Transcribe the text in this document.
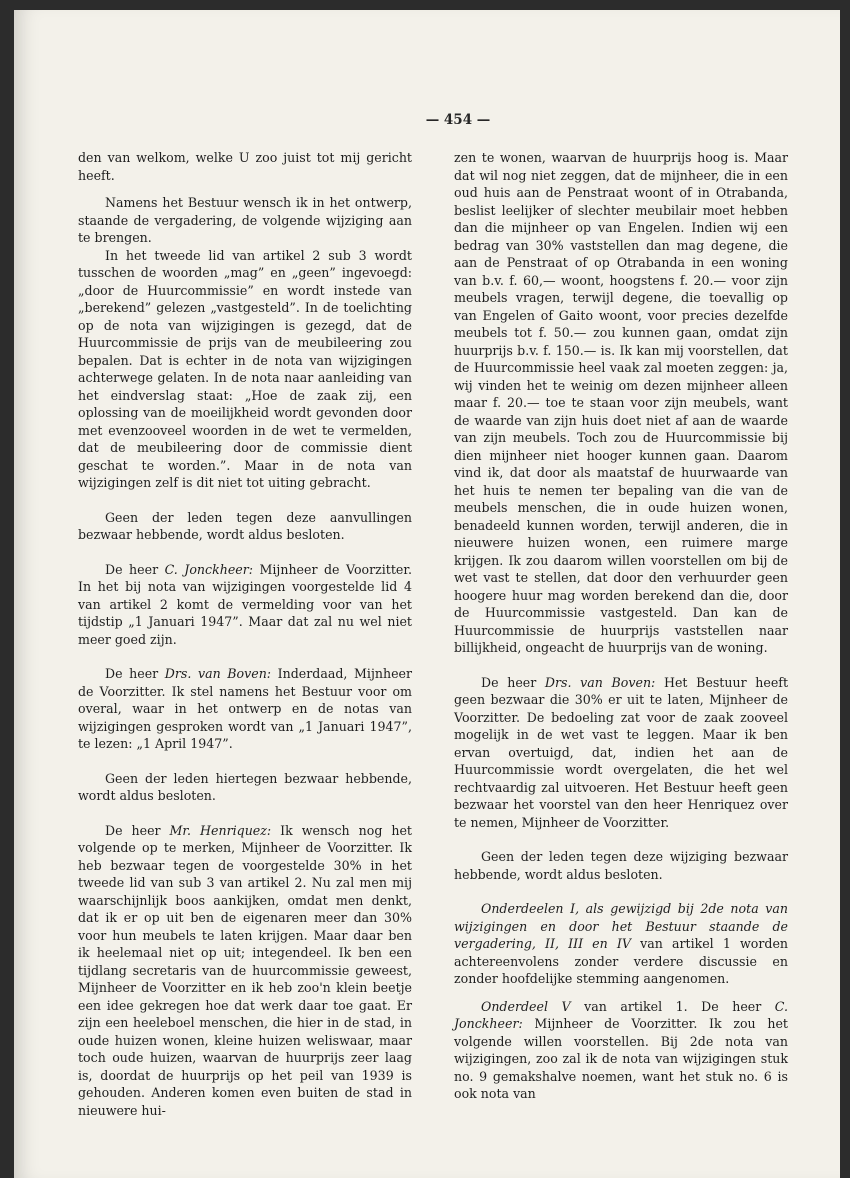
— 454 —

den van welkom, welke U zoo juist tot mij gericht heeft.

Namens het Bestuur wensch ik in het ontwerp, staande de vergadering, de volgende wijziging aan te brengen.

In het tweede lid van artikel 2 sub 3 wordt tusschen de woorden „mag” en „geen” ingevoegd: „door de Huurcommissie” en wordt instede van „berekend” gelezen „vastgesteld”. In de toelichting op de nota van wijzigingen is gezegd, dat de Huurcommissie de prijs van de meubileering zou bepalen. Dat is echter in de nota van wijzigingen achterwege gelaten. In de nota naar aanleiding van het eindverslag staat: „Hoe de zaak zij, een oplossing van de moeilijkheid wordt gevonden door met evenzooveel woorden in de wet te vermelden, dat de meubileering door de commissie dient geschat te worden.”. Maar in de nota van wijzigingen zelf is dit niet tot uiting gebracht.

Geen der leden tegen deze aanvullingen bezwaar hebbende, wordt aldus besloten.

De heer C. Jonckheer: Mijnheer de Voorzitter. In het bij nota van wijzigingen voorgestelde lid 4 van artikel 2 komt de vermelding voor van het tijdstip „1 Januari 1947”. Maar dat zal nu wel niet meer goed zijn.

De heer Drs. van Boven: Inderdaad, Mijnheer de Voorzitter. Ik stel namens het Bestuur voor om overal, waar in het ontwerp en de notas van wijzigingen gesproken wordt van „1 Januari 1947”, te lezen: „1 April 1947”.

Geen der leden hiertegen bezwaar hebbende, wordt aldus besloten.

De heer Mr. Henriquez: Ik wensch nog het volgende op te merken, Mijnheer de Voorzitter. Ik heb bezwaar tegen de voorgestelde 30% in het tweede lid van sub 3 van artikel 2. Nu zal men mij waarschijnlijk boos aankijken, omdat men denkt, dat ik er op uit ben de eigenaren meer dan 30% voor hun meubels te laten krijgen. Maar daar ben ik heelemaal niet op uit; integendeel. Ik ben een tijdlang secretaris van de huurcommissie geweest, Mijnheer de Voorzitter en ik heb zoo'n klein beetje een idee gekregen hoe dat werk daar toe gaat. Er zijn een heeleboel menschen, die hier in de stad, in oude huizen wonen, kleine huizen weliswaar, maar toch oude huizen, waarvan de huurprijs zeer laag is, doordat de huurprijs op het peil van 1939 is gehouden. Anderen komen even buiten de stad in nieuwere hui-

zen te wonen, waarvan de huurprijs hoog is. Maar dat wil nog niet zeggen, dat de mijnheer, die in een oud huis aan de Penstraat woont of in Otrabanda, beslist leelijker of slechter meubilair moet hebben dan die mijnheer op van Engelen. Indien wij een bedrag van 30% vaststellen dan mag degene, die aan de Penstraat of op Otrabanda in een woning van b.v. f. 60,— woont, hoogstens f. 20.— voor zijn meubels vragen, terwijl degene, die toevallig op van Engelen of Gaito woont, voor precies dezelfde meubels tot f. 50.— zou kunnen gaan, omdat zijn huurprijs b.v. f. 150.— is. Ik kan mij voorstellen, dat de Huurcommissie heel vaak zal moeten zeggen: ja, wij vinden het te weinig om dezen mijnheer alleen maar f. 20.— toe te staan voor zijn meubels, want de waarde van zijn huis doet niet af aan de waarde van zijn meubels. Toch zou de Huurcommissie bij dien mijnheer niet hooger kunnen gaan. Daarom vind ik, dat door als maatstaf de huurwaarde van het huis te nemen ter bepaling van die van de meubels menschen, die in oude huizen wonen, benadeeld kunnen worden, terwijl anderen, die in nieuwere huizen wonen, een ruimere marge krijgen. Ik zou daarom willen voorstellen om bij de wet vast te stellen, dat door den verhuurder geen hoogere huur mag worden berekend dan die, door de Huurcommissie vastgesteld. Dan kan de Huurcommissie de huurprijs vaststellen naar billijkheid, ongeacht de huurprijs van de woning.

De heer Drs. van Boven: Het Bestuur heeft geen bezwaar die 30% er uit te laten, Mijnheer de Voorzitter. De bedoeling zat voor de zaak zooveel mogelijk in de wet vast te leggen. Maar ik ben ervan overtuigd, dat, indien het aan de Huurcommissie wordt overgelaten, die het wel rechtvaardig zal uitvoeren. Het Bestuur heeft geen bezwaar het voorstel van den heer Henriquez over te nemen, Mijnheer de Voorzitter.

Geen der leden tegen deze wijziging bezwaar hebbende, wordt aldus besloten.

Onderdeelen I, als gewijzigd bij 2de nota van wijzigingen en door het Bestuur staande de vergadering, II, III en IV van artikel 1 worden achtereenvolens zonder verdere discussie en zonder hoofdelijke stemming aangenomen.

Onderdeel V van artikel 1. De heer C. Jonckheer: Mijnheer de Voorzitter. Ik zou het volgende willen voorstellen. Bij 2de nota van wijzigingen, zoo zal ik de nota van wijzigingen stuk no. 9 gemakshalve noemen, want het stuk no. 6 is ook nota van
